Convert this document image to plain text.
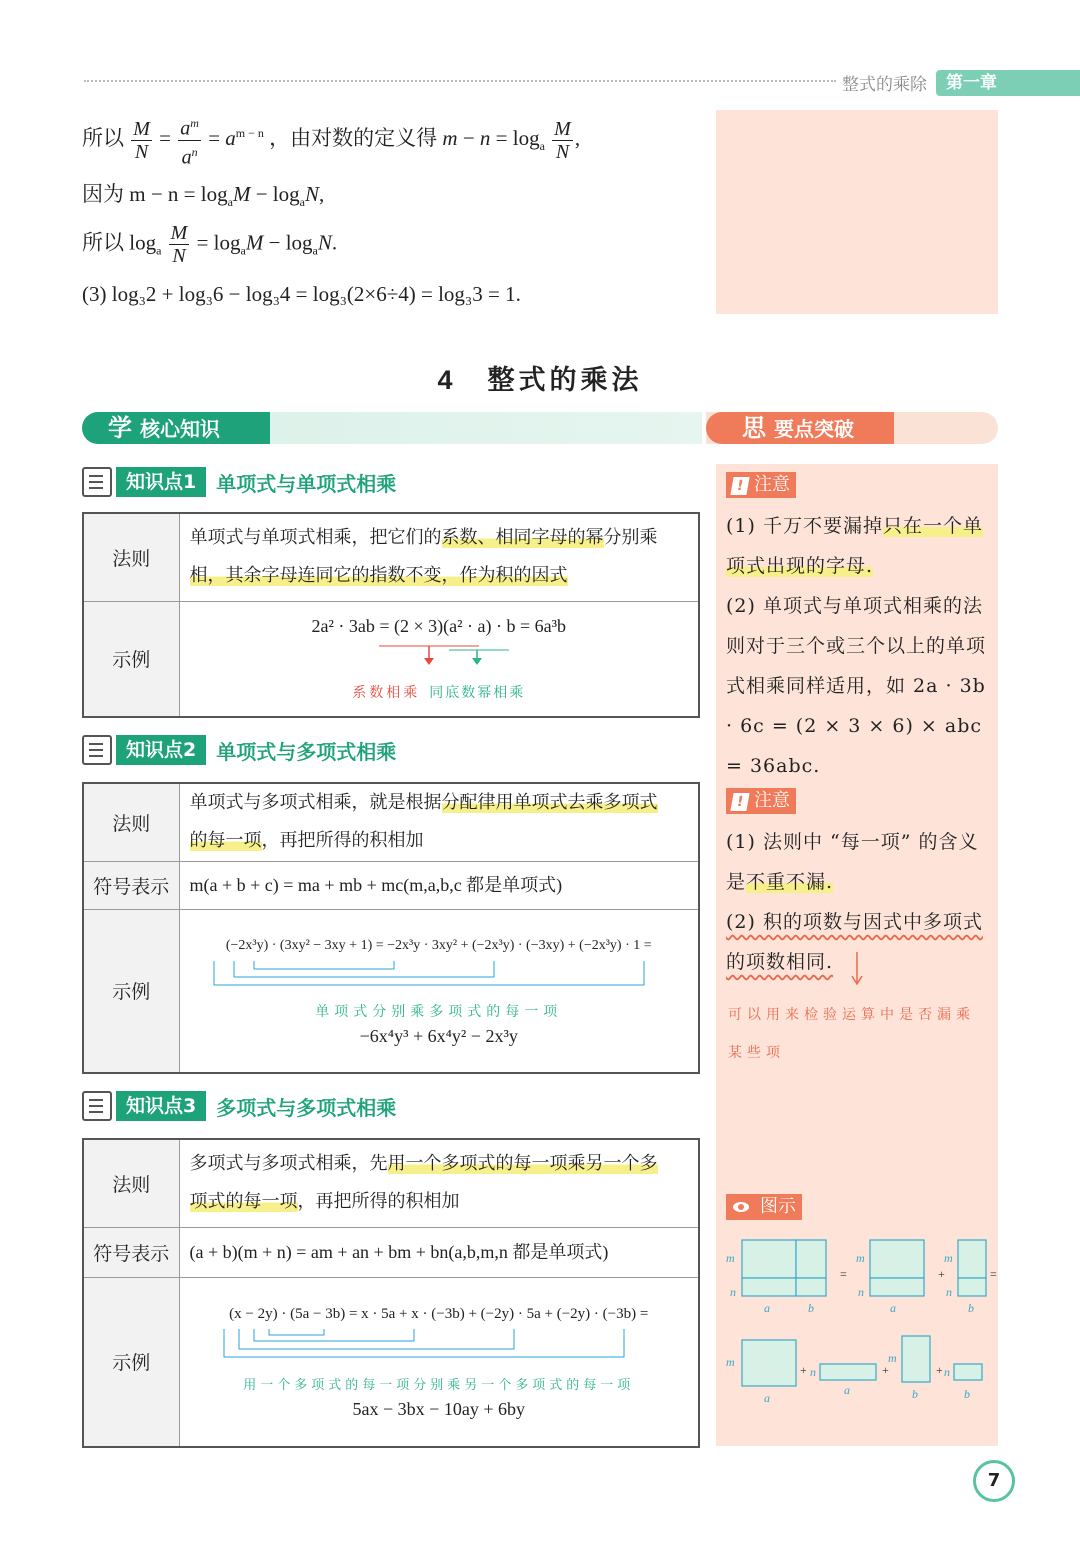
整式的乘除	第一章
所以 $\frac{M}{N} = \frac{a^m}{a^n} = a^{m - n}$ ，由对数的定义得 $m - n = \log_a \frac{M}{N}$ ,
因为 $m - n = \log_aM - \log_aN$,
所以 $\log_a \frac{M}{N} = \log_aM - \log_aN$.
(3) log₃2 + log₃6 − log₃4 = log₃(2×6÷4) = log₃3 = 1.
4　整式的乘法
学 核心知识	思 要点突破
知识点1	单项式与单项式相乘
法则	单项式与单项式相乘，把它们的系数、相同字母的幂分别乘
相，其余字母连同它的指数不变，作为积的因式
示例	2a² · 3ab = (2 × 3)(a² · a) · b = 6a³b
系数相乘 同底数幂相乘
知识点2	单项式与多项式相乘
法则	单项式与多项式相乘，就是根据分配律用单项式去乘多项式
的每一项，再把所得的积相加
符号表示	m(a + b + c) = ma + mb + mc(m,a,b,c 都是单项式)
示例	(−2x³y) · (3xy² − 3xy + 1) = −2x³y · 3xy² + (−2x³y) · (−3xy) + (−2x³y) · 1 =
单项式分别乘多项式的每一项
−6x⁴y³ + 6x⁴y² − 2x³y
知识点3	多项式与多项式相乘
法则	多项式与多项式相乘，先用一个多项式的每一项乘另一个多
项式的每一项，再把所得的积相加
符号表示	(a + b)(m + n) = am + an + bm + bn(a,b,m,n 都是单项式)
示例	(x − 2y) · (5a − 3b) = x · 5a + x · (−3b) + (−2y) · 5a + (−2y) · (−3b) =
用一个多项式的每一项分别乘另一个多项式的每一项
5ax − 3bx − 10ay + 6by
! 注意
(1) 千万不要漏掉只在一个单项式出现的字母.
(2) 单项式与单项式相乘的法则对于三个或三个以上的单项式相乘同样适用，如 2a · 3b · 6c = (2 × 3 × 6) × abc = 36abc.
! 注意
(1) 法则中 “每一项” 的含义是不重不漏.
(2) 积的项数与因式中多项式的项数相同.
可以用来检验运算中是否漏乘某些项
图示
m
n
a	b
=
m
n
a
+
m
n
b
=
m
a
+ n
a
+
m
b
+ n
b
7
